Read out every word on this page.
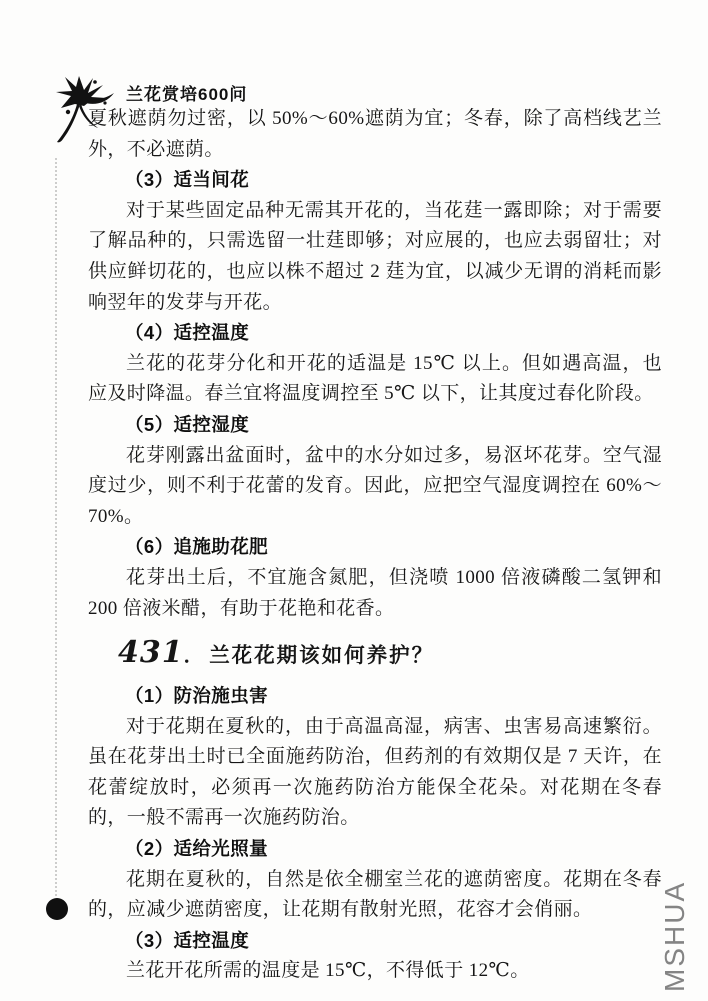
兰花赏培600问

夏秋遮荫勿过密，以 50%～60%遮荫为宜；冬春，除了高档线艺兰外，不必遮荫。

（3）适当间花

对于某些固定品种无需其开花的，当花莛一露即除；对于需要了解品种的，只需选留一壮莛即够；对应展的，也应去弱留壮；对供应鲜切花的，也应以株不超过 2 莛为宜，以减少无谓的消耗而影响翌年的发芽与开花。

（4）适控温度

兰花的花芽分化和开花的适温是 15℃ 以上。但如遇高温，也应及时降温。春兰宜将温度调控至 5℃ 以下，让其度过春化阶段。

（5）适控湿度

花芽刚露出盆面时，盆中的水分如过多，易沤坏花芽。空气湿度过少，则不利于花蕾的发育。因此，应把空气湿度调控在 60%～70%。

（6）追施助花肥

花芽出土后，不宜施含氮肥，但浇喷 1000 倍液磷酸二氢钾和 200 倍液米醋，有助于花艳和花香。

431． 兰花花期该如何养护？

（1）防治施虫害

对于花期在夏秋的，由于高温高湿，病害、虫害易高速繁衍。虽在花芽出土时已全面施药防治，但药剂的有效期仅是 7 天许，在花蕾绽放时，必须再一次施药防治方能保全花朵。对花期在冬春的，一般不需再一次施药防治。

（2）适给光照量

花期在夏秋的，自然是依全棚室兰花的遮荫密度。花期在冬春的，应减少遮荫密度，让花期有散射光照，花容才会俏丽。

（3）适控温度

兰花开花所需的温度是 15℃，不得低于 12℃。	MSHUA
